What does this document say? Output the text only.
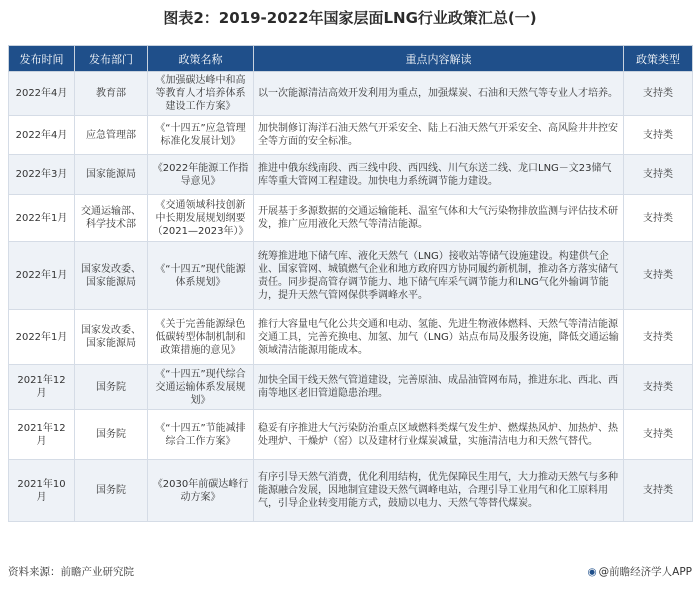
图表2：2019-2022年国家层面LNG行业政策汇总(一)
发布时间	发布部门	政策名称	重点内容解读	政策类型
2022年4月	教育部	《加强碳达峰中和高等教育人才培养体系建设工作方案》	以一次能源清洁高效开发利用为重点，加强煤炭、石油和天然气等专业人才培养。	支持类
2022年4月	应急管理部	《“十四五”应急管理标准化发展计划》	加快制修订海洋石油天然气开采安全、陆上石油天然气开采安全、高风险井井控安全等方面的安全标准。	支持类
2022年3月	国家能源局	《2022年能源工作指导意见》	推进中俄东线南段、西三线中段、西四线、川气东送二线、龙口LNG－文23储气库等重大管网工程建设。加快电力系统调节能力建设。	支持类
2022年1月	交通运输部、科学技术部	《交通领域科技创新中长期发展规划纲要（2021—2023年）》	开展基于多源数据的交通运输能耗、温室气体和大气污染物排放监测与评估技术研发，推广应用液化天然气等清洁能源。	支持类
2022年1月	国家发改委、国家能源局	《“十四五”现代能源体系规划》	统筹推进地下储气库、液化天然气（LNG）接收站等储气设施建设。构建供气企业、国家管网、城镇燃气企业和地方政府四方协同履约新机制，推动各方落实储气责任。同步提高管存调节能力、地下储气库采气调节能力和LNG气化外输调节能力，提升天然气管网保供季调峰水平。	支持类
2022年1月	国家发改委、国家能源局	《关于完善能源绿色低碳转型体制机制和政策措施的意见》	推行大容量电气化公共交通和电动、氢能、先进生物液体燃料、天然气等清洁能源交通工具，完善充换电、加氢、加气（LNG）站点布局及服务设施，降低交通运输领域清洁能源用能成本。	支持类
2021年12月	国务院	《“十四五”现代综合交通运输体系发展规划》	加快全国干线天然气管道建设，完善原油、成品油管网布局，推进东北、西北、西南等地区老旧管道隐患治理。	支持类
2021年12月	国务院	《“十四五”节能减排综合工作方案》	稳妥有序推进大气污染防治重点区域燃料类煤气发生炉、燃煤热风炉、加热炉、热处理炉、干燥炉（窑）以及建材行业煤炭减量，实施清洁电力和天然气替代。	支持类
2021年10月	国务院	《2030年前碳达峰行动方案》	有序引导天然气消费，优化利用结构，优先保障民生用气，大力推动天然气与多种能源融合发展，因地制宜建设天然气调峰电站，合理引导工业用气和化工原料用气，引导企业转变用能方式，鼓励以电力、天然气等替代煤炭。	支持类
资料来源：前瞻产业研究院	◉ @前瞻经济学人APP
